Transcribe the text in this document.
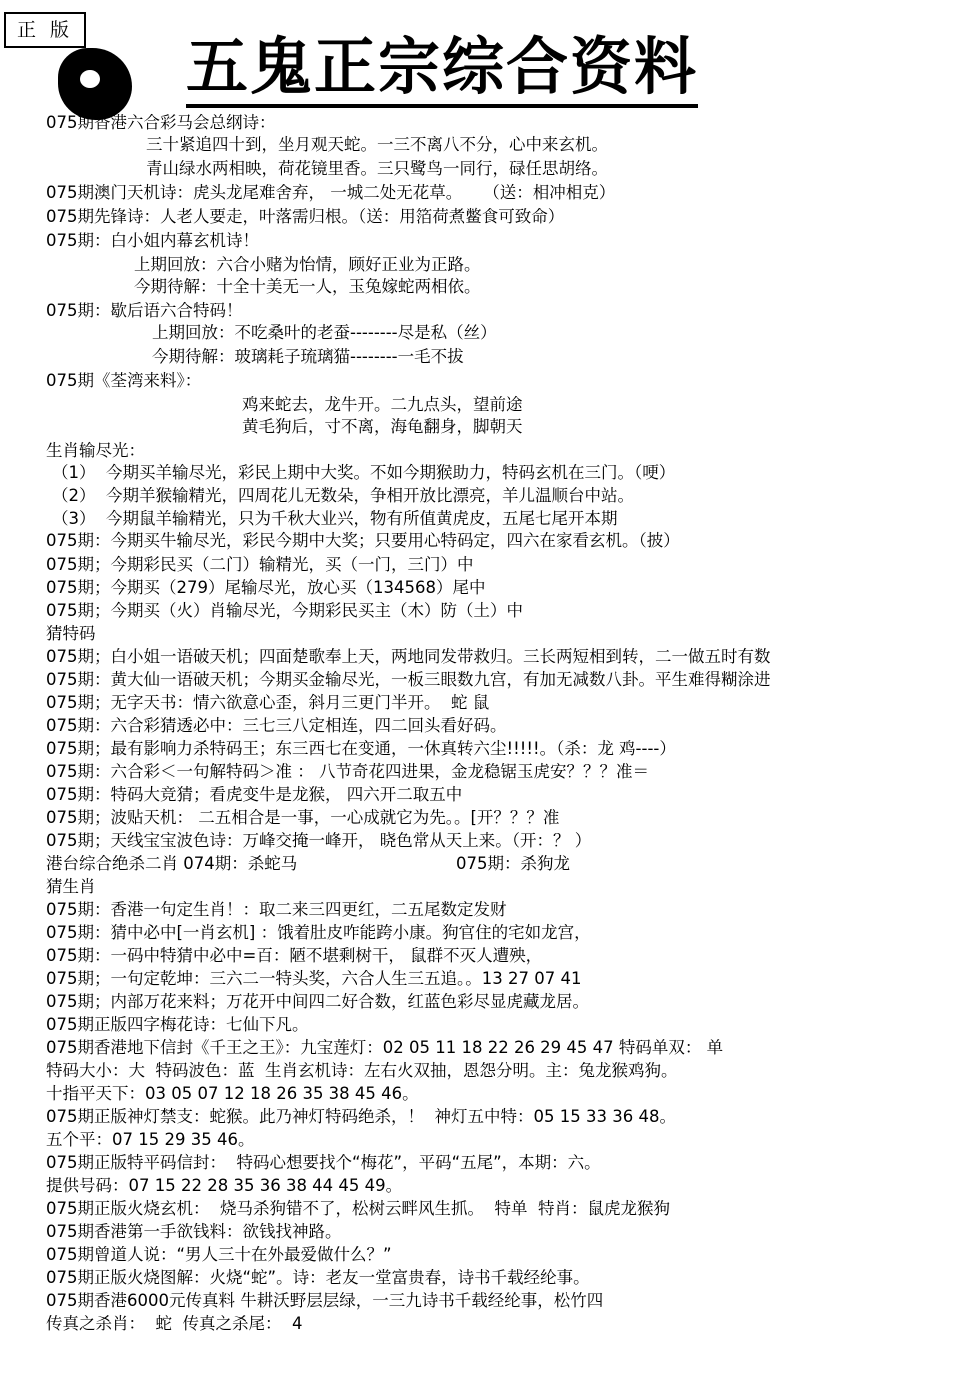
正 版 五鬼正宗综合资料
075期香港六合彩马会总纲诗：
三十紧追四十到，坐月观天蛇。一三不离八不分，心中来玄机。
青山绿水两相映，荷花镜里香。三只鹭鸟一同行，碌任思胡络。
075期澳门天机诗：虎头龙尾难舍弃， 一城二处无花草。    （送：相冲相克）
075期先锋诗：人老人要走，叶落需归根。（送：用箔荷煮鳖食可致命）
075期：白小姐内幕玄机诗！
上期回放：六合小赌为怡情，顾好正业为正路。
今期待解：十全十美无一人，玉兔嫁蛇两相依。
075期：歇后语六合特码！
上期回放：不吃桑叶的老蚕--------尽是私（丝）
今期待解：玻璃耗子琉璃猫--------一毛不拔
075期《荃湾来料》：
鸡来蛇去，龙牛开。二九点头，望前途
黄毛狗后，寸不离，海龟翻身，脚朝天
生肖输尽光：
（1）  今期买羊输尽光，彩民上期中大奖。不如今期猴助力，特码玄机在三门。（哽）
（2）  今期羊猴输精光，四周花儿无数朵，争相开放比漂亮，羊儿温顺台中站。
（3）  今期鼠羊输精光，只为千秋大业兴，物有所值黄虎皮，五尾七尾开本期
075期：今期买牛输尽光，彩民今期中大奖；只要用心特码定，四六在家看玄机。（披）
075期；今期彩民买（二门）输精光，买（一门，三门）中
075期；今期买（279）尾输尽光，放心买（134568）尾中
075期；今期买（火）肖输尽光，今期彩民买主（木）防（土）中
猜特码
075期；白小姐一语破天机；四面楚歌奉上天，两地同发带救归。三长两短相到转，二一做五时有数
075期：黄大仙一语破天机；今期买金输尽光，一板三眼数九宫，有加无减数八卦。平生难得糊涂进
075期；无字天书：情六欲意心歪，斜月三更门半开。  蛇 鼠
075期：六合彩猜透必中：三七三八定相连，四二回头看好码。
075期；最有影响力杀特码王；东三西七在变通，一休真转六尘!!!!!。（杀：龙 鸡----）
075期：六合彩＜一句解特码＞准 ： 八节奇花四进果，金龙稳锯玉虎安？？？准＝
075期：特码大竞猜；看虎变牛是龙猴， 四六开二取五中
075期；波贴天机： 二五相合是一事，一心成就它为先。。[开？？？准
075期；天线宝宝波色诗：万峰交掩一峰开， 晓色常从天上来。（开：？ ）
港台综合绝杀二肖 074期：杀蛇马	075期：杀狗龙
猜生肖
075期：香港一句定生肖！：取二来三四更红，二五尾数定发财
075期：猜中必中[一肖玄机] ：饿着肚皮咋能跨小康。狗官住的宅如龙宫，
075期：一码中特猜中必中=百：陋不堪剩树干， 鼠群不灭人遭殃，
075期；一句定乾坤：三六二一特头奖，六合人生三五追。。13 27 07 41
075期；内部万花来料；万花开中间四二好合数，红蓝色彩尽显虎藏龙居。
075期正版四字梅花诗：七仙下凡。
075期香港地下信封《千王之王》：九宝莲灯：02 05 11 18 22 26 29 45 47 特码单双： 单
特码大小：大  特码波色：蓝  生肖玄机诗：左右火双抽，恩怨分明。主：兔龙猴鸡狗。
十指平天下：03 05 07 12 18 26 35 38 45 46。
075期正版神灯禁支：蛇猴。此乃神灯特码绝杀，！  神灯五中特：05 15 33 36 48。
五个平：07 15 29 35 46。
075期正版特平码信封：  特码心想要找个“梅花”，平码“五尾”，本期：六。
提供号码：07 15 22 28 35 36 38 44 45 49。
075期正版火烧玄机：  烧马杀狗错不了，松树云畔风生抓。  特单  特肖：鼠虎龙猴狗
075期香港第一手欲钱料：欲钱找神路。
075期曾道人说：“男人三十在外最爱做什么？”
075期正版火烧图解：火烧“蛇”。诗：老友一堂富贵春，诗书千载经纶事。
075期香港6000元传真料 牛耕沃野层层绿，一三九诗书千载经纶事，松竹四
传真之杀肖：  蛇  传真之杀尾：  4
